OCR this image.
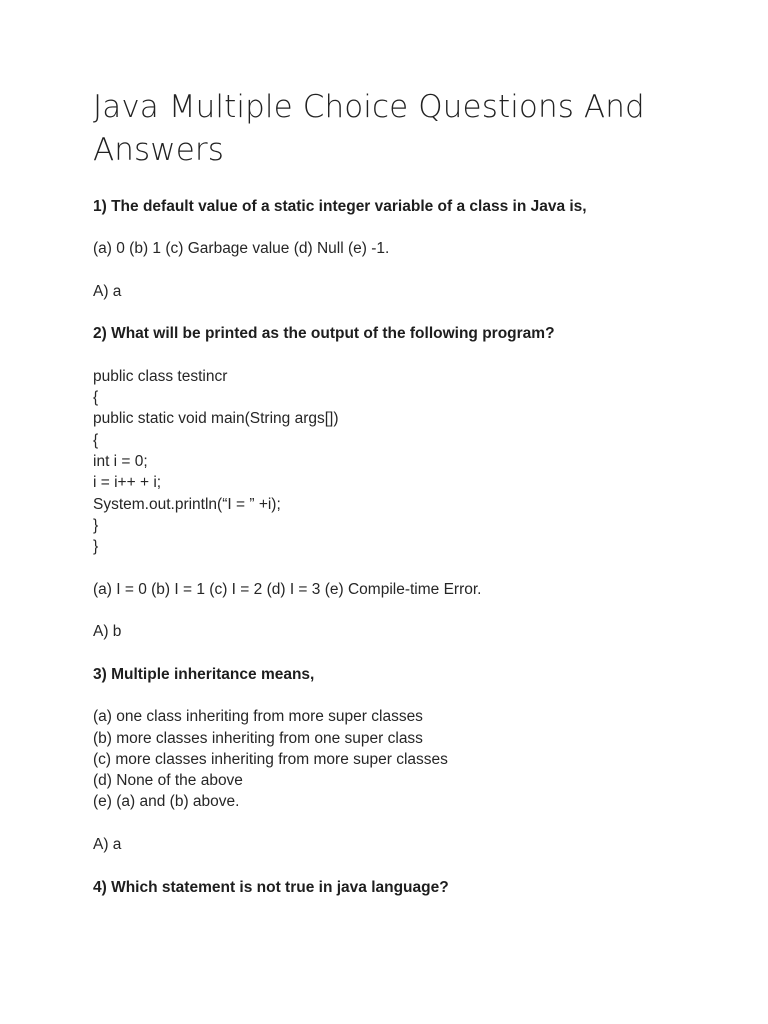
Java Multiple Choice Questions And Answers

1) The default value of a static integer variable of a class in Java is,

(a) 0 (b) 1 (c) Garbage value (d) Null (e) -1.

A) a

2) What will be printed as the output of the following program?

public class testincr
{
public static void main(String args[])
{
int i = 0;
i = i++ + i;
System.out.println(“I = ” +i);
}
}

(a) I = 0 (b) I = 1 (c) I = 2 (d) I = 3 (e) Compile-time Error.

A) b

3) Multiple inheritance means,

(a) one class inheriting from more super classes
(b) more classes inheriting from one super class
(c) more classes inheriting from more super classes
(d) None of the above
(e) (a) and (b) above.

A) a

4) Which statement is not true in java language?
